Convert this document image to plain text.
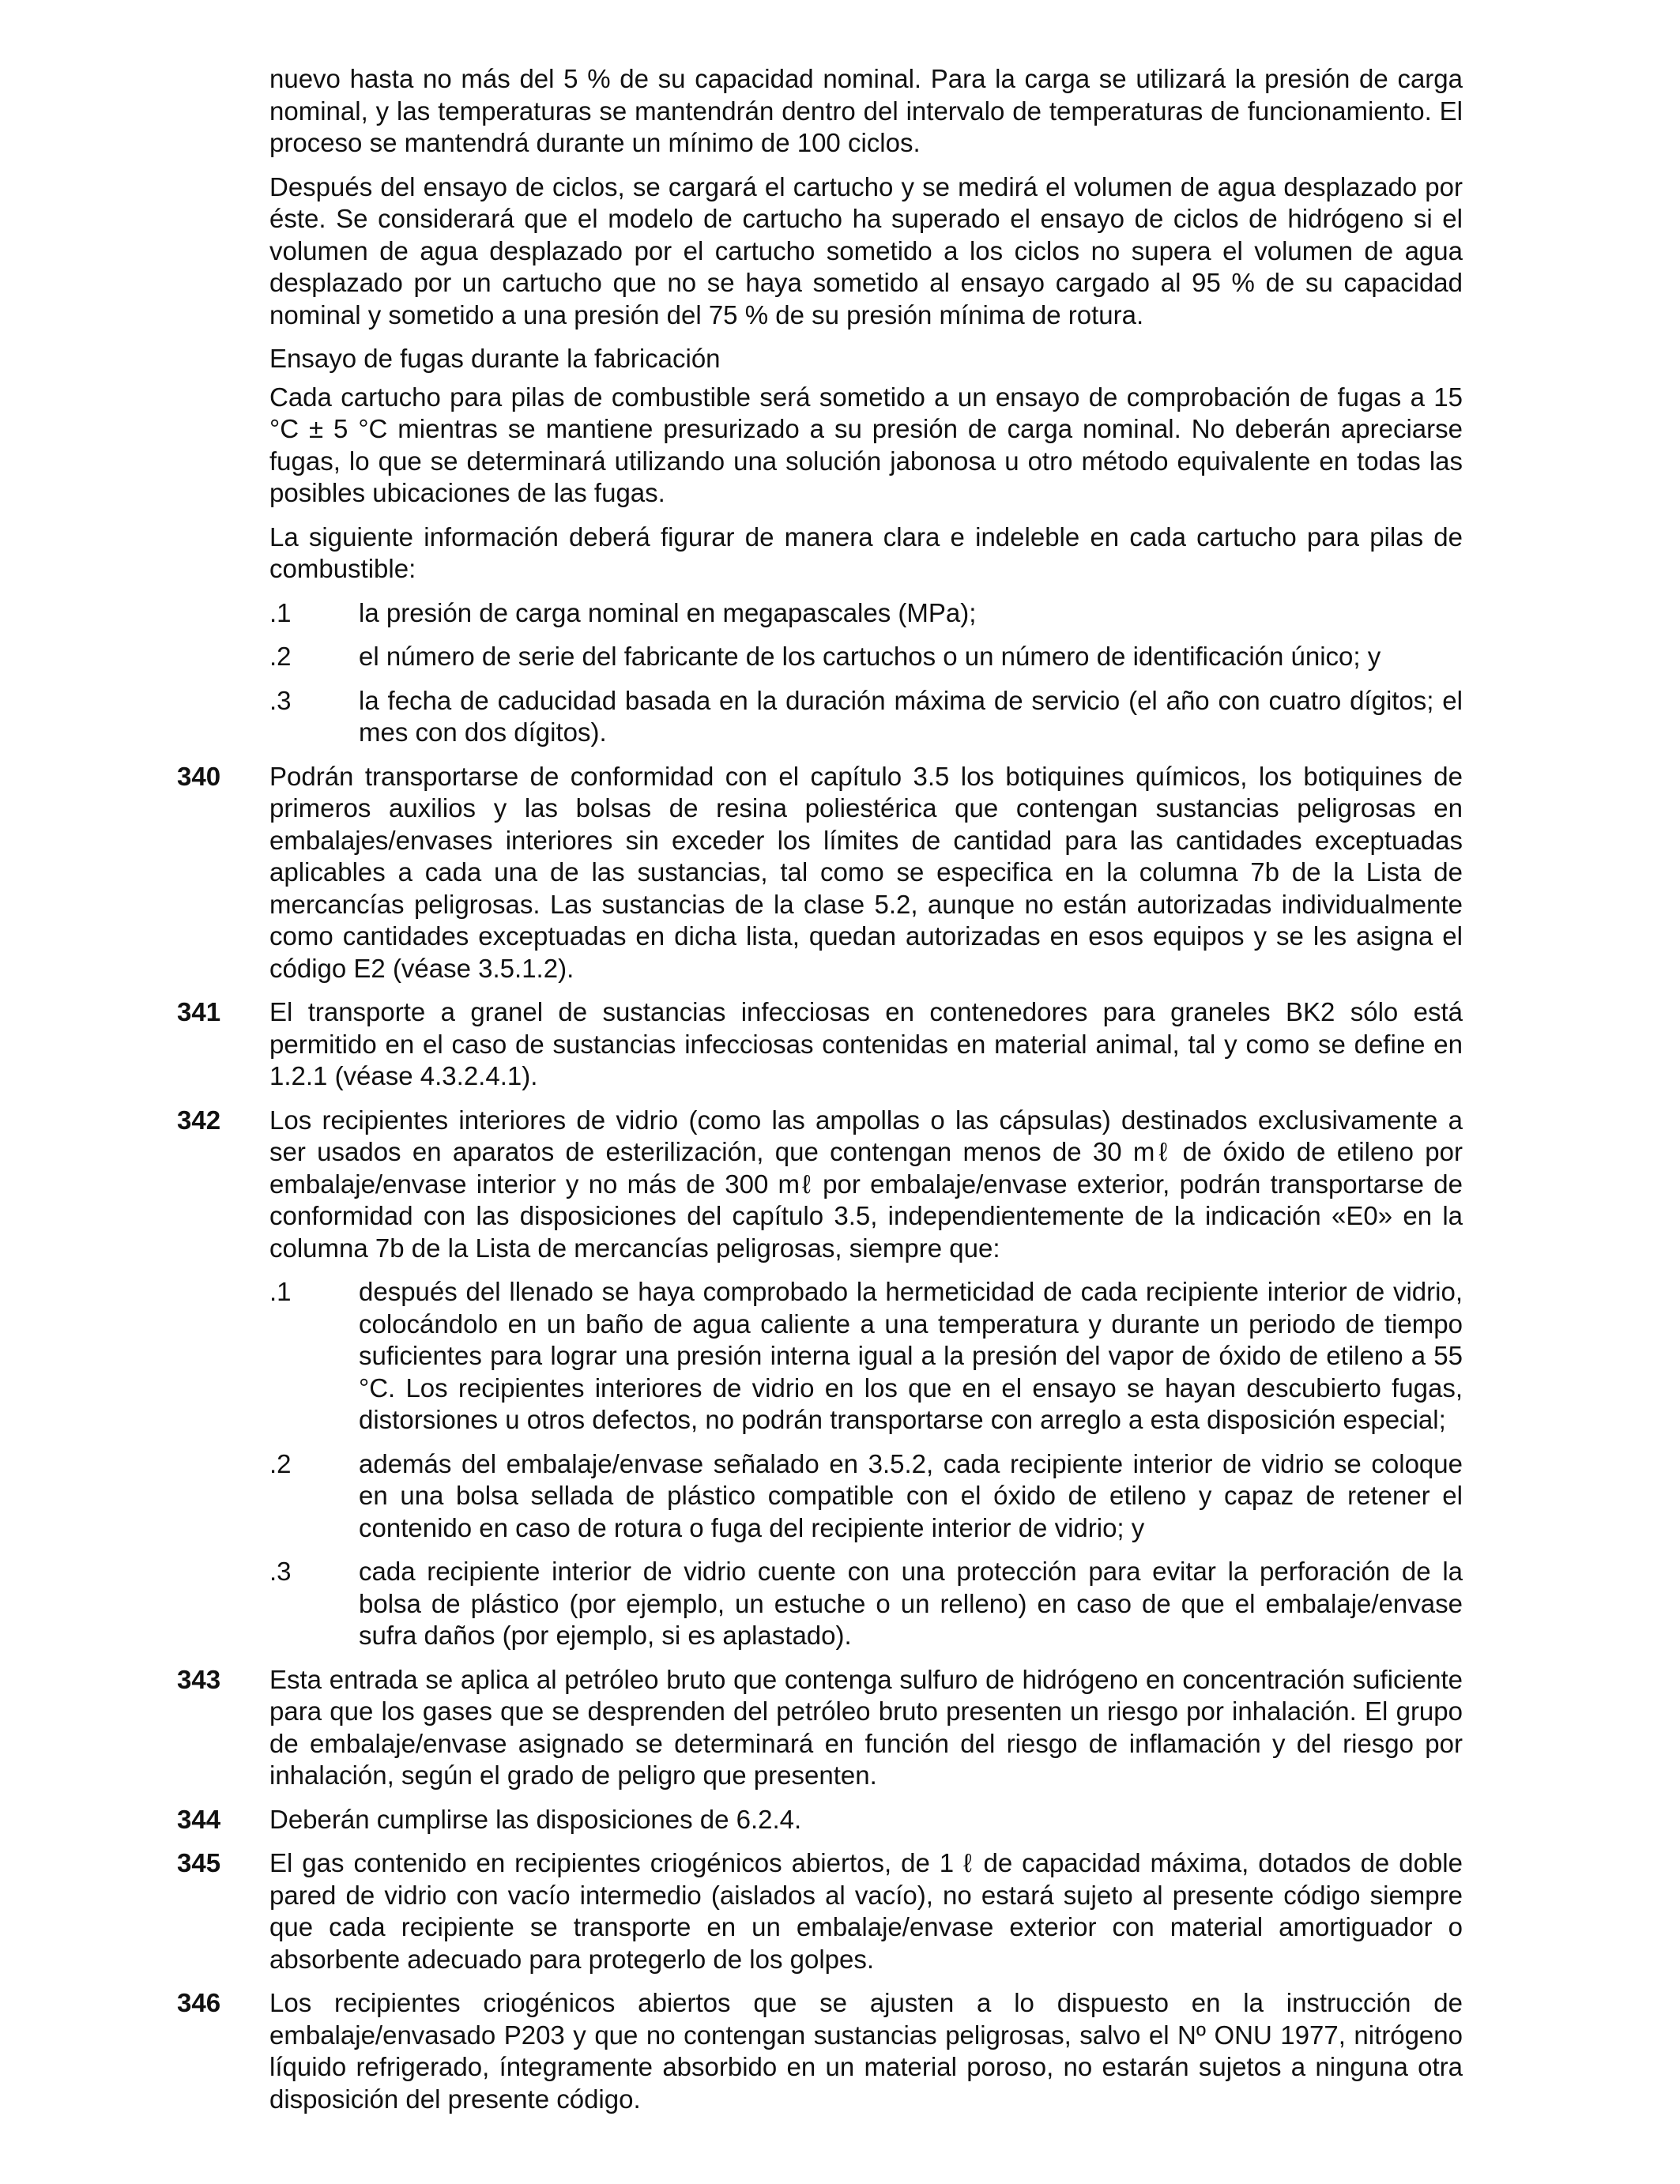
nuevo hasta no más del 5 % de su capacidad nominal. Para la carga se utilizará la presión de carga nominal, y las temperaturas se mantendrán dentro del intervalo de temperaturas de funcionamiento. El proceso se mantendrá durante un mínimo de 100 ciclos.

Después del ensayo de ciclos, se cargará el cartucho y se medirá el volumen de agua desplazado por éste. Se considerará que el modelo de cartucho ha superado el ensayo de ciclos de hidrógeno si el volumen de agua desplazado por el cartucho sometido a los ciclos no supera el volumen de agua desplazado por un cartucho que no se haya sometido al ensayo cargado al 95 % de su capacidad nominal y sometido a una presión del 75 % de su presión mínima de rotura.

Ensayo de fugas durante la fabricación

Cada cartucho para pilas de combustible será sometido a un ensayo de comprobación de fugas a 15 °C ± 5 °C mientras se mantiene presurizado a su presión de carga nominal. No deberán apreciarse fugas, lo que se determinará utilizando una solución jabonosa u otro método equivalente en todas las posibles ubicaciones de las fugas.

La siguiente información deberá figurar de manera clara e indeleble en cada cartucho para pilas de combustible:

.1	la presión de carga nominal en megapascales (MPa);
.2	el número de serie del fabricante de los cartuchos o un número de identificación único; y
.3	la fecha de caducidad basada en la duración máxima de servicio (el año con cuatro dígitos; el mes con dos dígitos).
340 Podrán transportarse de conformidad con el capítulo 3.5 los botiquines químicos, los botiquines de primeros auxilios y las bolsas de resina poliestérica que contengan sustancias peligrosas en embalajes/envases interiores sin exceder los límites de cantidad para las cantidades exceptuadas aplicables a cada una de las sustancias, tal como se especifica en la columna 7b de la Lista de mercancías peligrosas. Las sustancias de la clase 5.2, aunque no están autorizadas individualmente como cantidades exceptuadas en dicha lista, quedan autorizadas en esos equipos y se les asigna el código E2 (véase 3.5.1.2).

341 El transporte a granel de sustancias infecciosas en contenedores para graneles BK2 sólo está permitido en el caso de sustancias infecciosas contenidas en material animal, tal y como se define en 1.2.1 (véase 4.3.2.4.1).

342 Los recipientes interiores de vidrio (como las ampollas o las cápsulas) destinados exclusivamente a ser usados en aparatos de esterilización, que contengan menos de 30 mℓ de óxido de etileno por embalaje/envase interior y no más de 300 mℓ por embalaje/envase exterior, podrán transportarse de conformidad con las disposiciones del capítulo 3.5, independientemente de la indicación «E0» en la columna 7b de la Lista de mercancías peligrosas, siempre que:

.1	después del llenado se haya comprobado la hermeticidad de cada recipiente interior de vidrio, colocándolo en un baño de agua caliente a una temperatura y durante un periodo de tiempo suficientes para lograr una presión interna igual a la presión del vapor de óxido de etileno a 55 °C. Los recipientes interiores de vidrio en los que en el ensayo se hayan descubierto fugas, distorsiones u otros defectos, no podrán transportarse con arreglo a esta disposición especial;
.2	además del embalaje/envase señalado en 3.5.2, cada recipiente interior de vidrio se coloque en una bolsa sellada de plástico compatible con el óxido de etileno y capaz de retener el contenido en caso de rotura o fuga del recipiente interior de vidrio; y
.3	cada recipiente interior de vidrio cuente con una protección para evitar la perforación de la bolsa de plástico (por ejemplo, un estuche o un relleno) en caso de que el embalaje/envase sufra daños (por ejemplo, si es aplastado).
343 Esta entrada se aplica al petróleo bruto que contenga sulfuro de hidrógeno en concentración suficiente para que los gases que se desprenden del petróleo bruto presenten un riesgo por inhalación. El grupo de embalaje/envase asignado se determinará en función del riesgo de inflamación y del riesgo por inhalación, según el grado de peligro que presenten.

344 Deberán cumplirse las disposiciones de 6.2.4.

345 El gas contenido en recipientes criogénicos abiertos, de 1 ℓ de capacidad máxima, dotados de doble pared de vidrio con vacío intermedio (aislados al vacío), no estará sujeto al presente código siempre que cada recipiente se transporte en un embalaje/envase exterior con material amortiguador o absorbente adecuado para protegerlo de los golpes.

346 Los recipientes criogénicos abiertos que se ajusten a lo dispuesto en la instrucción de embalaje/envasado P203 y que no contengan sustancias peligrosas, salvo el Nº ONU 1977, nitrógeno líquido refrigerado, íntegramente absorbido en un material poroso, no estarán sujetos a ninguna otra disposición del presente código.
